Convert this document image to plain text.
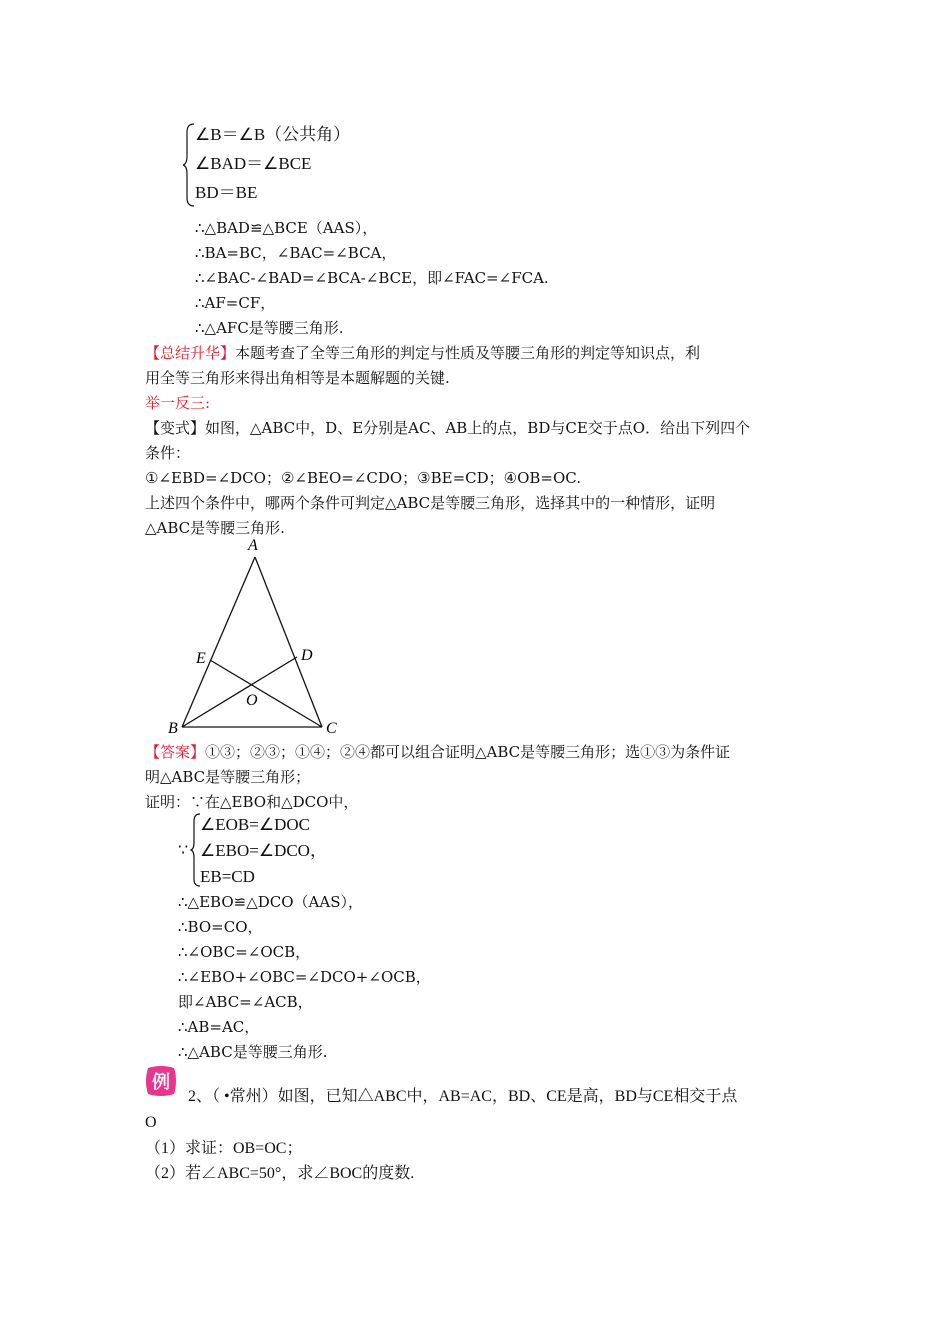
∠B＝∠B（公共角）
∠BAD＝∠BCE
BD＝BE
∴△BAD≌△BCE（AAS），
∴BA=BC，∠BAC=∠BCA，
∴∠BAC-∠BAD=∠BCA-∠BCE，即∠FAC=∠FCA.
∴AF=CF，
∴△AFC是等腰三角形.
【总结升华】本题考查了全等三角形的判定与性质及等腰三角形的判定等知识点，利
用全等三角形来得出角相等是本题解题的关键.
举一反三:
【变式】如图，△ABC中，D、E分别是AC、AB上的点，BD与CE交于点O．给出下列四个
条件：
①∠EBD=∠DCO；②∠BEO=∠CDO；③BE=CD；④OB=OC.
上述四个条件中，哪两个条件可判定△ABC是等腰三角形，选择其中的一种情形，证明
△ABC是等腰三角形.
A
B	C
D
E
O
【答案】①③；②③；①④；②④都可以组合证明△ABC是等腰三角形；选①③为条件证
明△ABC是等腰三角形；
证明：∵在△EBO和△DCO中，
∵
∠EOB=∠DOC
∠EBO=∠DCO，
EB=CD
∴△EBO≌△DCO（AAS），
∴BO=CO，
∴∠OBC=∠OCB，
∴∠EBO+∠OBC=∠DCO+∠OCB，
即∠ABC=∠ACB，
∴AB=AC，
∴△ABC是等腰三角形.
例
2、（ •常州）如图，已知△ABC中，AB=AC，BD、CE是高，BD与CE相交于点
O
（1）求证：OB=OC；
（2）若∠ABC=50°，求∠BOC的度数.
